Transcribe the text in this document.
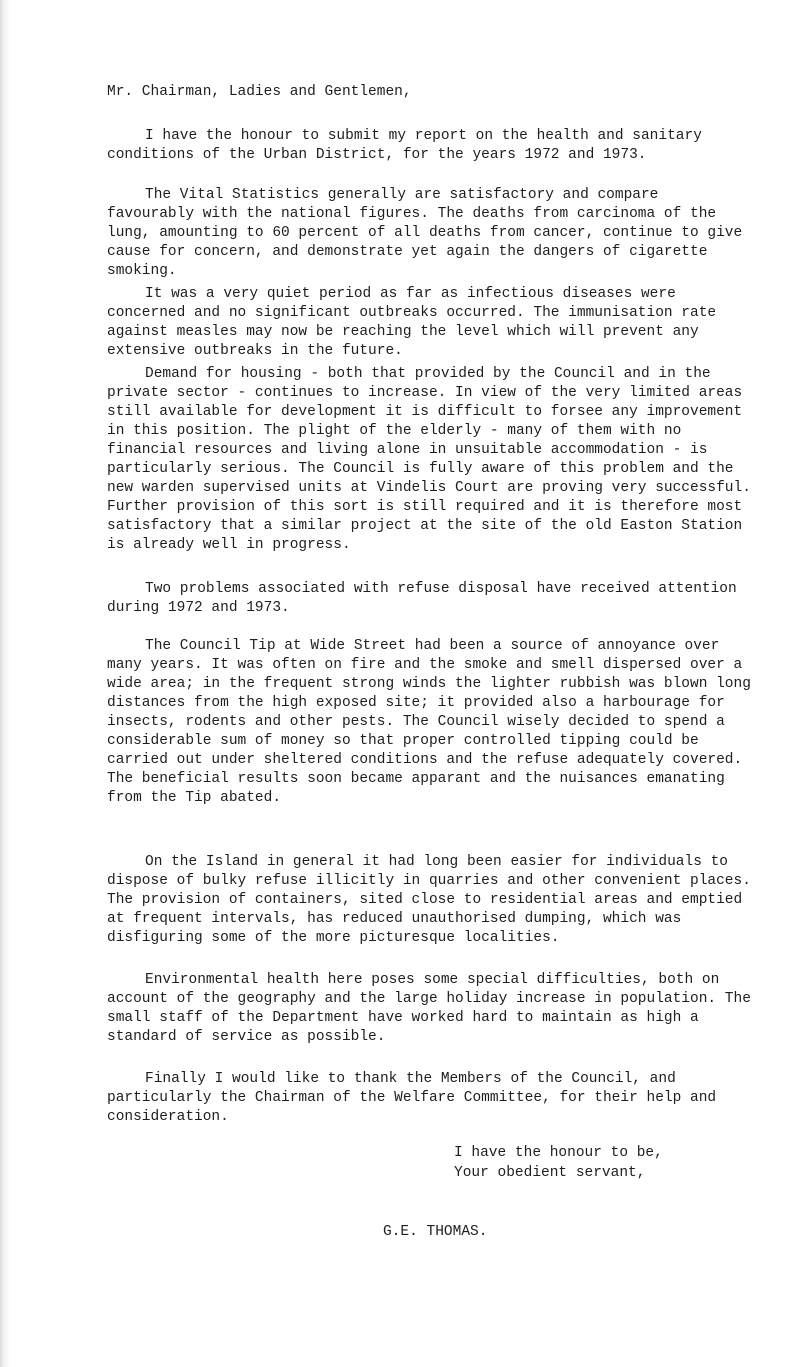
Mr. Chairman, Ladies and Gentlemen,

I have the honour to submit my report on the health and sanitary conditions of the Urban District, for the years 1972 and 1973.

The Vital Statistics generally are satisfactory and compare favourably with the national figures. The deaths from carcinoma of the lung, amounting to 60 percent of all deaths from cancer, continue to give cause for concern, and demonstrate yet again the dangers of cigarette smoking.

It was a very quiet period as far as infectious diseases were concerned and no significant outbreaks occurred. The immunisation rate against measles may now be reaching the level which will prevent any extensive outbreaks in the future.

Demand for housing - both that provided by the Council and in the private sector - continues to increase. In view of the very limited areas still available for development it is difficult to forsee any improvement in this position. The plight of the elderly - many of them with no financial resources and living alone in unsuitable accommodation - is particularly serious. The Council is fully aware of this problem and the new warden supervised units at Vindelis Court are proving very successful. Further provision of this sort is still required and it is therefore most satisfactory that a similar project at the site of the old Easton Station is already well in progress.

Two problems associated with refuse disposal have received attention during 1972 and 1973.

The Council Tip at Wide Street had been a source of annoyance over many years. It was often on fire and the smoke and smell dispersed over a wide area; in the frequent strong winds the lighter rubbish was blown long distances from the high exposed site; it provided also a harbourage for insects, rodents and other pests. The Council wisely decided to spend a considerable sum of money so that proper controlled tipping could be carried out under sheltered conditions and the refuse adequately covered. The beneficial results soon became apparant and the nuisances emanating from the Tip abated.

On the Island in general it had long been easier for individuals to dispose of bulky refuse illicitly in quarries and other convenient places. The provision of containers, sited close to residential areas and emptied at frequent intervals, has reduced unauthorised dumping, which was disfiguring some of the more picturesque localities.

Environmental health here poses some special difficulties, both on account of the geography and the large holiday increase in population. The small staff of the Department have worked hard to maintain as high a standard of service as possible.

Finally I would like to thank the Members of the Council, and particularly the Chairman of the Welfare Committee, for their help and consideration.

I have the honour to be,
Your obedient servant,
G.E. THOMAS.
